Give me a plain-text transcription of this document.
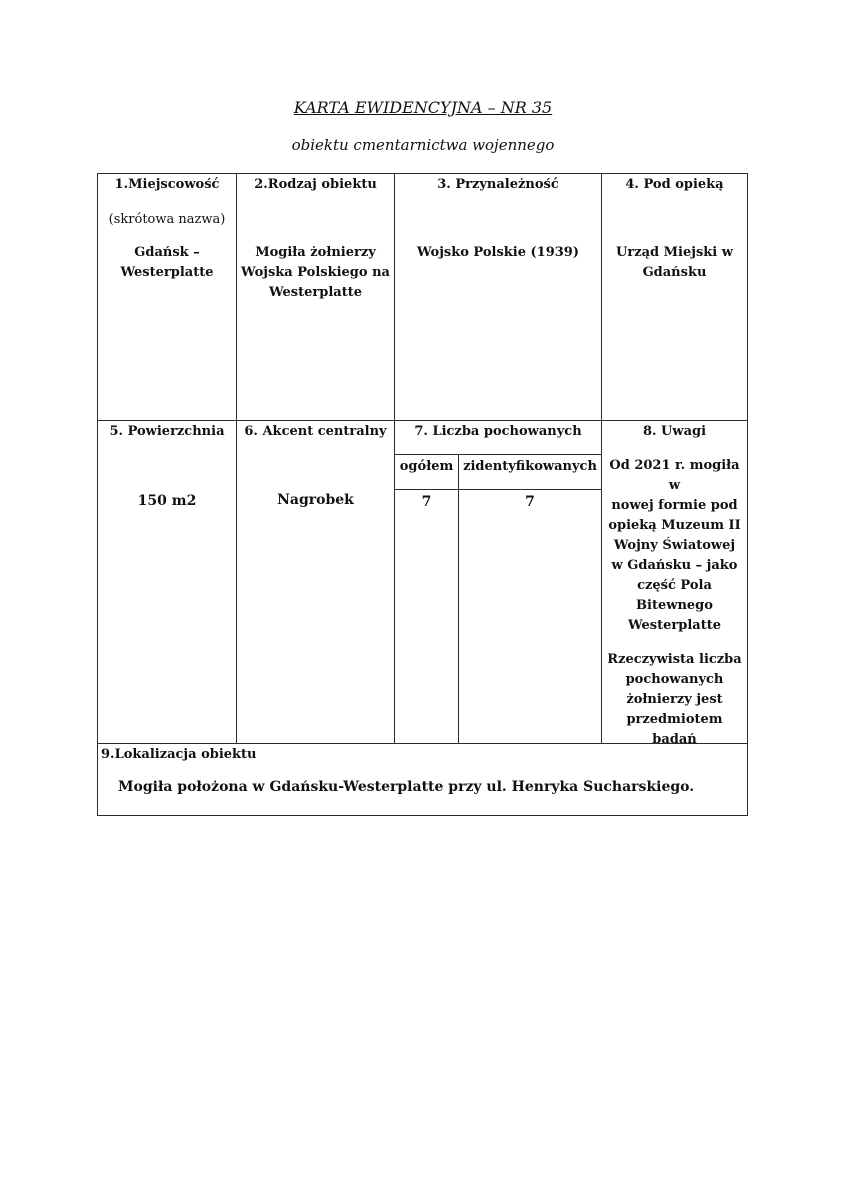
KARTA EWIDENCYJNA – NR 35
obiektu cmentarnictwa wojennego
1.Miejscowość
(skrótowa nazwa)
Gdańsk –
Westerplatte
2.Rodzaj obiektu
Mogiła żołnierzy
Wojska Polskiego na
Westerplatte
3. Przynależność
Wojsko Polskie (1939)
4. Pod opieką
Urząd Miejski w
Gdańsku
5. Powierzchnia
150 m2
6. Akcent centralny
Nagrobek
7. Liczba pochowanych
ogółem zidentyfikowanych
7	7
8. Uwagi
Od 2021 r. mogiła w
nowej formie pod
opieką Muzeum II
Wojny Światowej
w Gdańsku – jako
część Pola
Bitewnego
Westerplatte
Rzeczywista liczba
pochowanych
żołnierzy jest
przedmiotem
badań
9.Lokalizacja obiektu
Mogiła położona w Gdańsku-Westerplatte przy ul. Henryka Sucharskiego.
